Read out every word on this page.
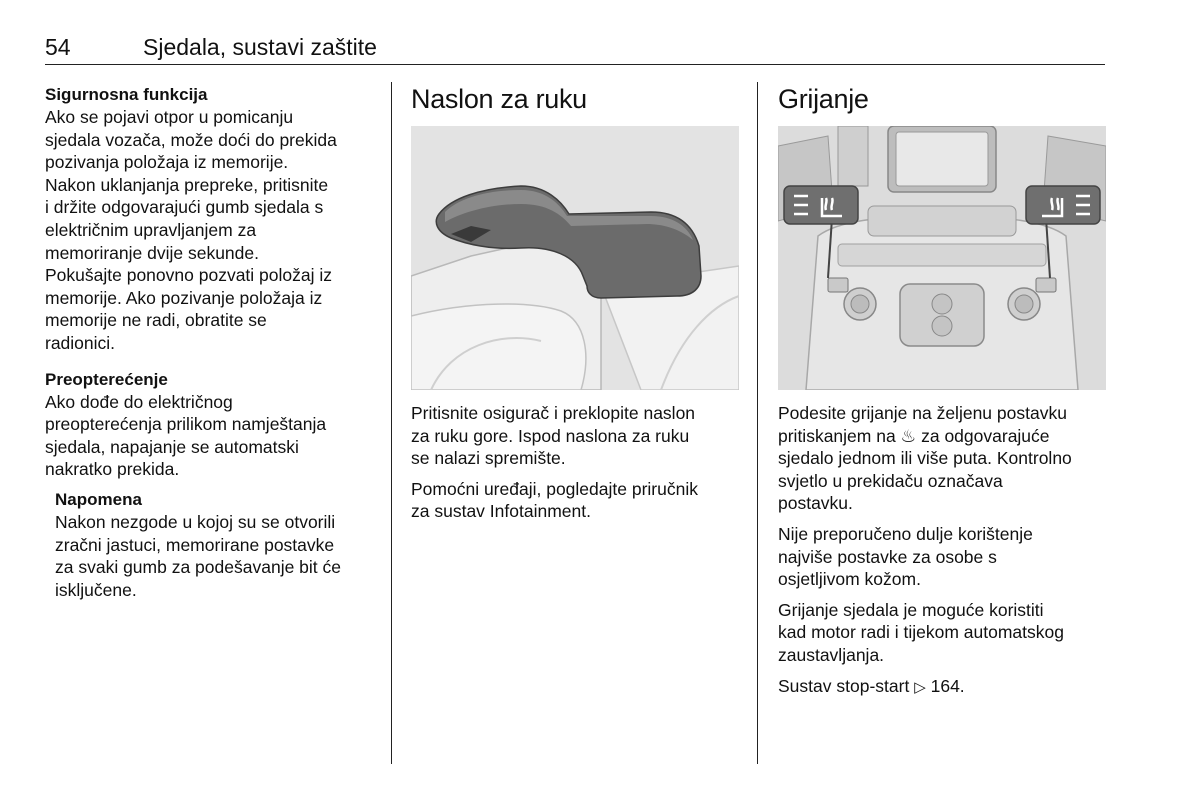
54	Sjedala, sustavi zaštite
Sigurnosna funkcija
Ako se pojavi otpor u pomicanju
sjedala vozača, može doći do prekida
pozivanja položaja iz memorije.
Nakon uklanjanja prepreke, pritisnite
i držite odgovarajući gumb sjedala s
električnim upravljanjem za
memoriranje dvije sekunde.
Pokušajte ponovno pozvati položaj iz
memorije. Ako pozivanje položaja iz
memorije ne radi, obratite se
radionici.
Preopterećenje
Ako dođe do električnog
preopterećenja prilikom namještanja
sjedala, napajanje se automatski
nakratko prekida.
Napomena
Nakon nezgode u kojoj su se otvorili
zračni jastuci, memorirane postavke
za svaki gumb za podešavanje bit će
isključene.
Naslon za ruku
Pritisnite osigurač i preklopite naslon
za ruku gore. Ispod naslona za ruku
se nalazi spremište.
Pomoćni uređaji, pogledajte priručnik
za sustav Infotainment.
Grijanje
Podesite grijanje na željenu postavku
pritiskanjem na ♨ za odgovarajuće
sjedalo jednom ili više puta. Kontrolno
svjetlo u prekidaču označava
postavku.
Nije preporučeno dulje korištenje
najviše postavke za osobe s
osjetljivom kožom.
Grijanje sjedala je moguće koristiti
kad motor radi i tijekom automatskog
zaustavljanja.
Sustav stop-start ▷ 164.
